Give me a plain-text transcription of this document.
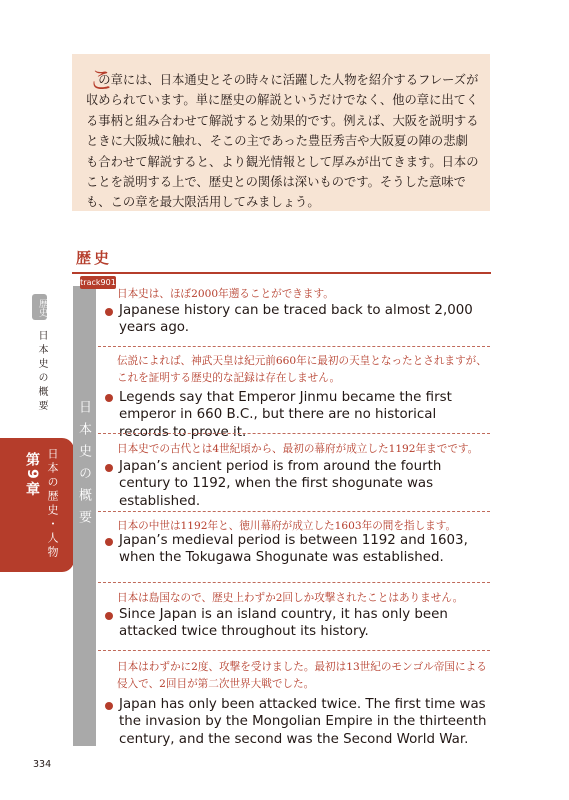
こ
の章には、日本通史とその時々に活躍した人物を紹介するフレーズが収められています。単に歴史の解説というだけでなく、他の章に出てくる事柄と組み合わせて解説すると効果的です。例えば、大阪を説明するときに大阪城に触れ、そこの主であった豊臣秀吉や大阪夏の陣の悲劇も合わせて解説すると、より観光情報として厚みが出てきます。日本のことを説明する上で、歴史との関係は深いものです。そうした意味でも、この章を最大限活用してみましょう。
歴史
歴史
日本史の概要
日本の歴史・人物
第9章
track901
日本史の概要
日本史は、ほぼ2000年遡ることができます。
Japanese history can be traced back to almost 2,000 years ago.
伝説によれば、神武天皇は紀元前660年に最初の天皇となったとされますが、これを証明する歴史的な記録は存在しません。
Legends say that Emperor Jinmu became the first emperor in 660 B.C., but there are no historical records to prove it.
日本史での古代とは4世紀頃から、最初の幕府が成立した1192年までです。
Japan’s ancient period is from around the fourth century to 1192, when the first shogunate was established.
日本の中世は1192年と、徳川幕府が成立した1603年の間を指します。
Japan’s medieval period is between 1192 and 1603, when the Tokugawa Shogunate was established.
日本は島国なので、歴史上わずか2回しか攻撃されたことはありません。
Since Japan is an island country, it has only been attacked twice throughout its history.
日本はわずかに2度、攻撃を受けました。最初は13世紀のモンゴル帝国による侵入で、2回目が第二次世界大戦でした。
Japan has only been attacked twice. The first time was the invasion by the Mongolian Empire in the thirteenth century, and the second was the Second World War.
334
